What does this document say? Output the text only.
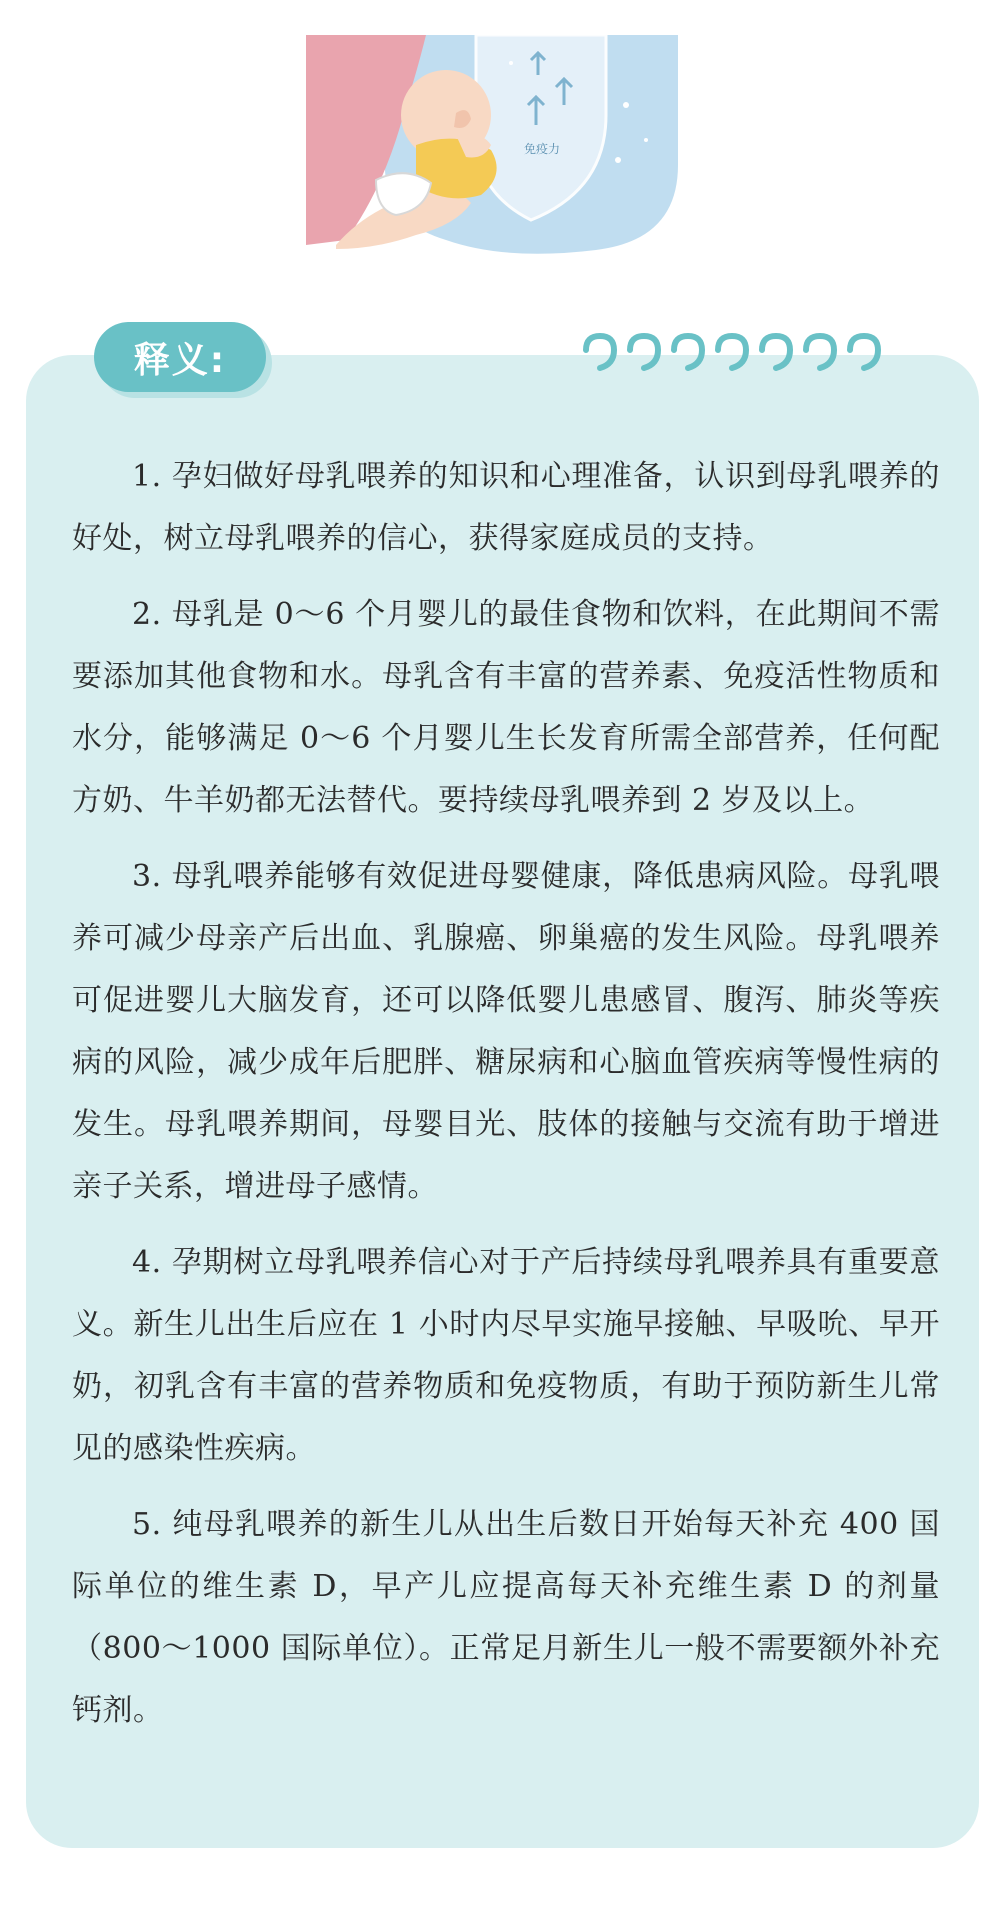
免疫力
释义:

1. 孕妇做好母乳喂养的知识和心理准备，认识到母乳喂养的好处，树立母乳喂养的信心，获得家庭成员的支持。

2. 母乳是 0～6 个月婴儿的最佳食物和饮料，在此期间不需要添加其他食物和水。母乳含有丰富的营养素、免疫活性物质和水分，能够满足 0～6 个月婴儿生长发育所需全部营养，任何配方奶、牛羊奶都无法替代。要持续母乳喂养到 2 岁及以上。

3. 母乳喂养能够有效促进母婴健康，降低患病风险。母乳喂养可减少母亲产后出血、乳腺癌、卵巢癌的发生风险。母乳喂养可促进婴儿大脑发育，还可以降低婴儿患感冒、腹泻、肺炎等疾病的风险，减少成年后肥胖、糖尿病和心脑血管疾病等慢性病的发生。母乳喂养期间，母婴目光、肢体的接触与交流有助于增进亲子关系，增进母子感情。

4. 孕期树立母乳喂养信心对于产后持续母乳喂养具有重要意义。新生儿出生后应在 1 小时内尽早实施早接触、早吸吮、早开奶，初乳含有丰富的营养物质和免疫物质，有助于预防新生儿常见的感染性疾病。

5. 纯母乳喂养的新生儿从出生后数日开始每天补充 400 国际单位的维生素 D，早产儿应提高每天补充维生素 D 的剂量（800～1000 国际单位）。正常足月新生儿一般不需要额外补充钙剂。
